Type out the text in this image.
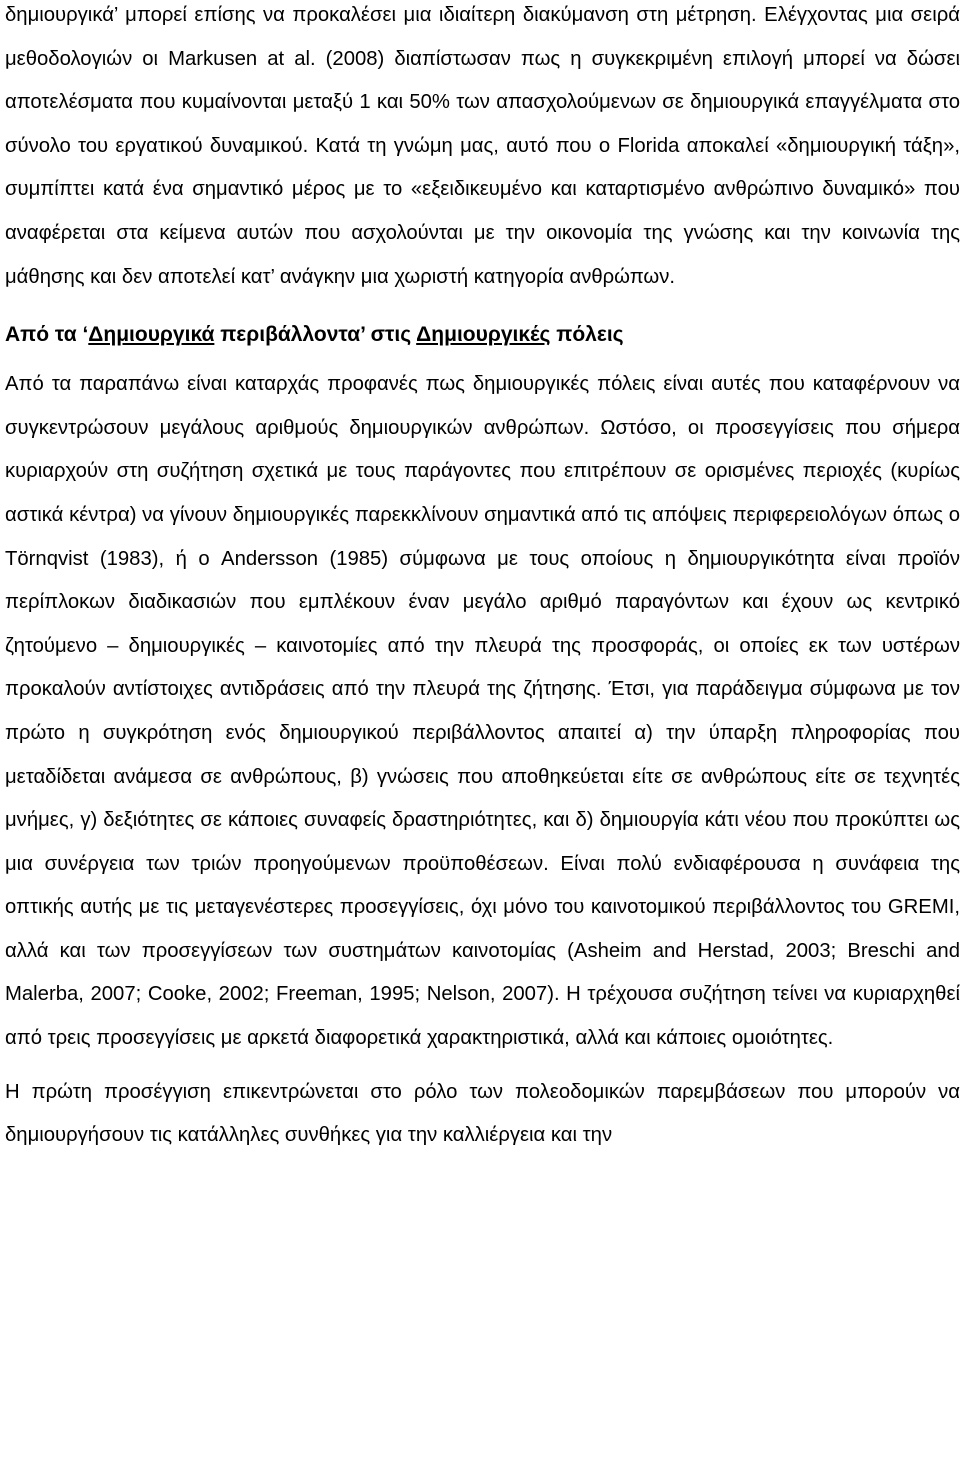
δημιουργικά’ μπορεί επίσης να προκαλέσει μια ιδιαίτερη διακύμανση στη μέτρηση. Ελέγχοντας μια σειρά μεθοδολογιών οι Markusen at al. (2008) διαπίστωσαν πως η συγκεκριμένη επιλογή μπορεί να δώσει αποτελέσματα που κυμαίνονται μεταξύ 1 και 50% των απασχολούμενων σε δημιουργικά επαγγέλματα στο σύνολο του εργατικού δυναμικού. Κατά τη γνώμη μας, αυτό που ο Florida αποκαλεί «δημιουργική τάξη», συμπίπτει κατά ένα σημαντικό μέρος με το «εξειδικευμένο και καταρτισμένο ανθρώπινο δυναμικό» που αναφέρεται στα κείμενα αυτών που ασχολούνται με την οικονομία της γνώσης και την κοινωνία της μάθησης και δεν αποτελεί κατ’ ανάγκην μια χωριστή κατηγορία ανθρώπων.

Από τα ‘Δημιουργικά περιβάλλοντα’ στις Δημιουργικές πόλεις

Από τα παραπάνω είναι καταρχάς προφανές πως δημιουργικές πόλεις είναι αυτές που καταφέρνουν να συγκεντρώσουν μεγάλους αριθμούς δημιουργικών ανθρώπων. Ωστόσο, οι προσεγγίσεις που σήμερα κυριαρχούν στη συζήτηση σχετικά με τους παράγοντες που επιτρέπουν σε ορισμένες περιοχές (κυρίως αστικά κέντρα) να γίνουν δημιουργικές παρεκκλίνουν σημαντικά από τις απόψεις περιφερειολόγων όπως ο Törnqvist (1983), ή ο Andersson (1985) σύμφωνα με τους οποίους η δημιουργικότητα είναι προϊόν περίπλοκων διαδικασιών που εμπλέκουν έναν μεγάλο αριθμό παραγόντων και έχουν ως κεντρικό ζητούμενο – δημιουργικές – καινοτομίες από την πλευρά της προσφοράς, οι οποίες εκ των υστέρων προκαλούν αντίστοιχες αντιδράσεις από την πλευρά της ζήτησης. Έτσι, για παράδειγμα σύμφωνα με τον πρώτο η συγκρότηση ενός δημιουργικού περιβάλλοντος απαιτεί α) την ύπαρξη πληροφορίας που μεταδίδεται ανάμεσα σε ανθρώπους, β) γνώσεις που αποθηκεύεται είτε σε ανθρώπους είτε σε τεχνητές μνήμες, γ) δεξιότητες σε κάποιες συναφείς δραστηριότητες, και δ) δημιουργία κάτι νέου που προκύπτει ως μια συνέργεια των τριών προηγούμενων προϋποθέσεων. Είναι πολύ ενδιαφέρουσα η συνάφεια της οπτικής αυτής με τις μεταγενέστερες προσεγγίσεις, όχι μόνο του καινοτομικού περιβάλλοντος του GREMI, αλλά και των προσεγγίσεων των συστημάτων καινοτομίας (Asheim and Herstad, 2003; Breschi and Malerba, 2007; Cooke, 2002; Freeman, 1995; Nelson, 2007). Η τρέχουσα συζήτηση τείνει να κυριαρχηθεί από τρεις προσεγγίσεις με αρκετά διαφορετικά χαρακτηριστικά, αλλά και κάποιες ομοιότητες.

Η πρώτη προσέγγιση επικεντρώνεται στο ρόλο των πολεοδομικών παρεμβάσεων που μπορούν να δημιουργήσουν τις κατάλληλες συνθήκες για την καλλιέργεια και την
